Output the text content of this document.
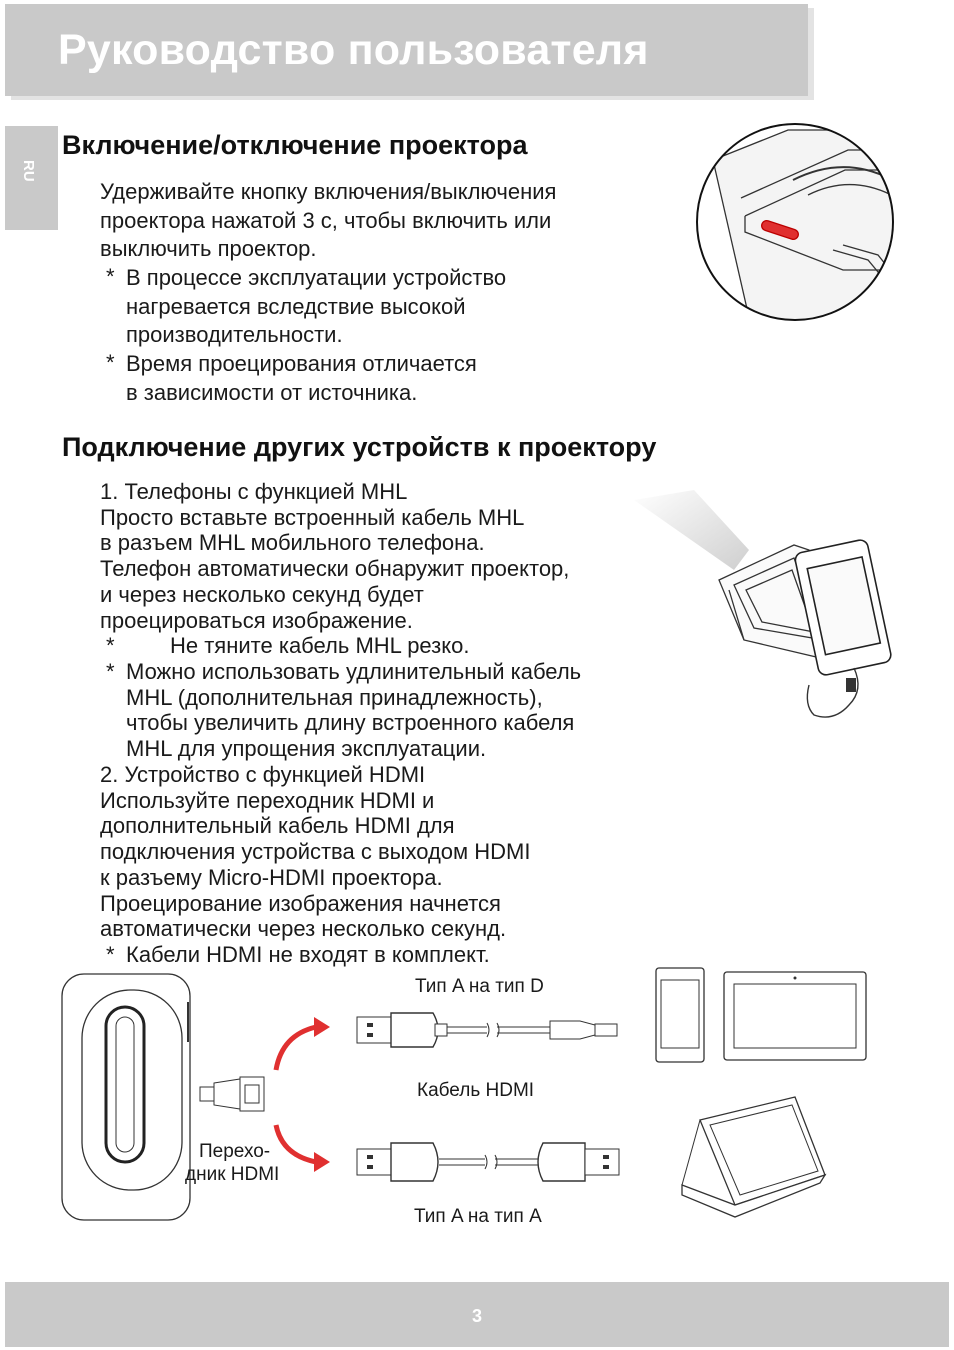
Руководство пользователя
RU
Включение/отключение проектора
Удерживайте кнопку включения/выключения
проектора нажатой 3 с, чтобы включить или
выключить проектор.
* В процессе эксплуатации устройство
нагревается вследствие высокой
производительности.
* Время проецирования отличается
в зависимости от источника.
Подключение других устройств к проектору
1. Телефоны с функцией MHL
Просто вставьте встроенный кабель MHL
в разъем MHL мобильного телефона.
Телефон автоматически обнаружит проектор,
и через несколько секунд будет
проецироваться изображение.
*	Не тяните кабель MHL резко.
* Можно использовать удлинительный кабель
MHL (дополнительная принадлежность),
чтобы увеличить длину встроенного кабеля
MHL для упрощения эксплуатации.
2. Устройство с функцией HDMI
Используйте переходник HDMI и
дополнительный кабель HDMI для
подключения устройства с выходом HDMI
к разъему Micro-HDMI проектора.
Проецирование изображения начнется
автоматически через несколько секунд.
* Кабели HDMI не входят в комплект.
Тип A на тип D
Кабель HDMI
Тип A на тип A
Перехо-
дник HDMI
3
